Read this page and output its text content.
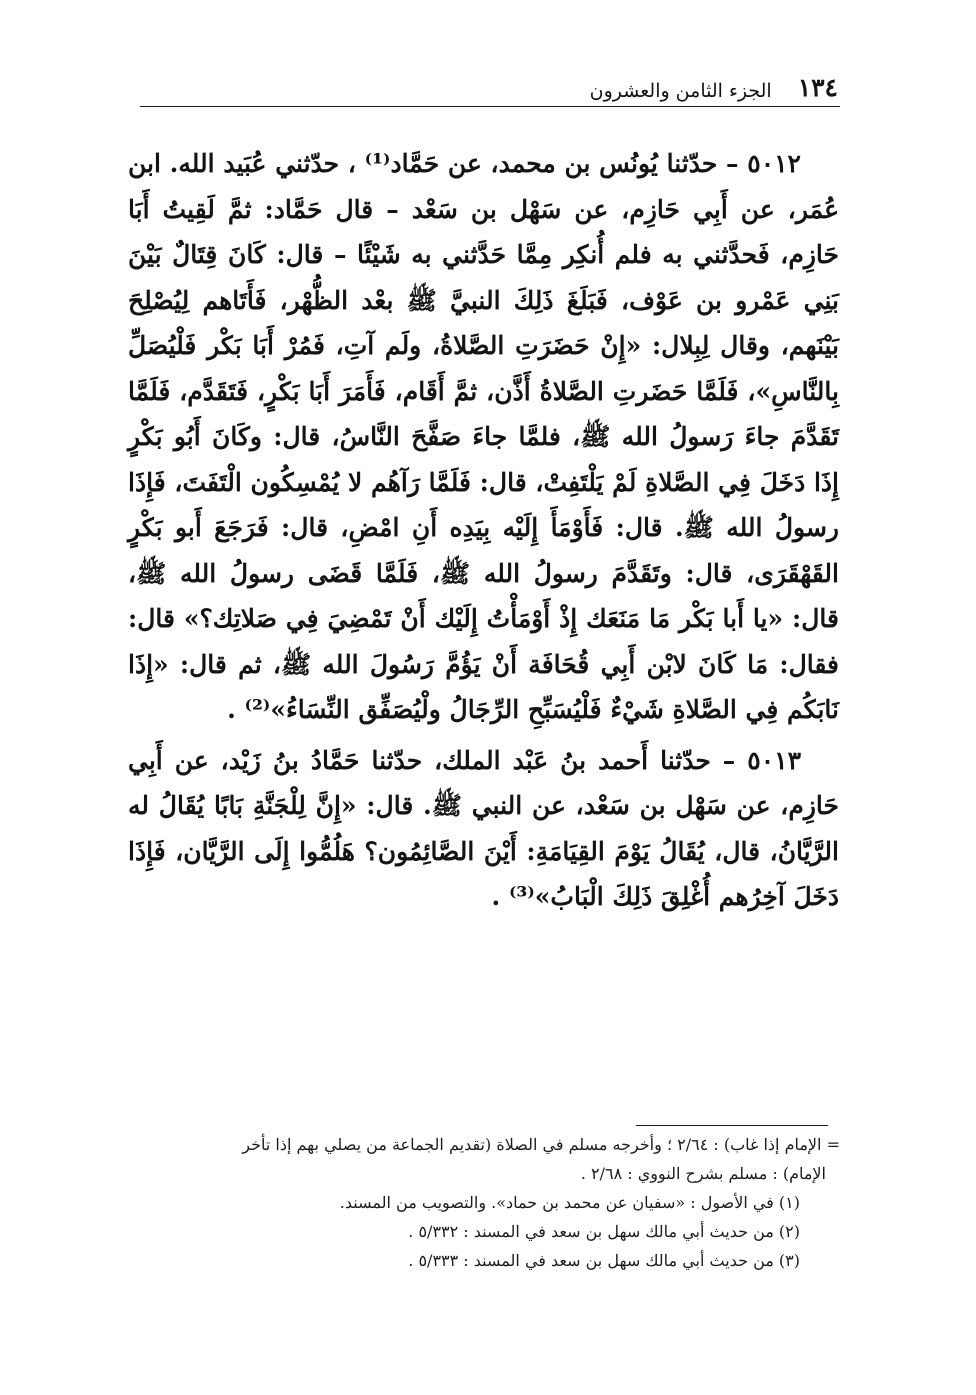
١٣٤
الجزء الثامن والعشرون

٥٠١٢ – حدّثنا يُونُس بن محمد، عن حَمَّاد⁽¹⁾ ، حدّثني عُبَيد الله. ابن عُمَر، عن أَبِي حَازِم، عن سَهْل بن سَعْد – قال حَمَّاد: ثمَّ لَقِيتُ أَبَا حَازِم، فَحدَّثني به فلم أُنكِر مِمَّا حَدَّثني به شَيْئًا – قال: كَانَ قِتَالٌ بَيْنَ بَنِي عَمْرو بن عَوْف، فَبَلَغَ ذَلِكَ النبيَّ ﷺ بعْد الظُّهْر، فَأَتَاهم لِيُصْلِحَ بَيْنَهم، وقال لِبِلال: «إِنْ حَضَرَتِ الصَّلاةُ، ولَم آتِ، فَمُرْ أَبَا بَكْر فَلْيُصَلِّ بِالنَّاسِ»، فَلَمَّا حَضَرتِ الصَّلاةُ أَذَّن، ثمَّ أَقَام، فَأَمَرَ أَبَا بَكْرٍ، فَتَقَدَّم، فَلَمَّا تَقَدَّمَ جاءَ رَسولُ الله ﷺ، فلمَّا جاءَ صَفَّحَ النَّاسُ، قال: وكَانَ أَبُو بَكْرٍ إِذَا دَخَلَ فِي الصَّلاةِ لَمْ يَلْتَفِتْ، قال: فَلَمَّا رَآهُم لا يُمْسِكُون الْتَفَتَ، فَإِذَا رسولُ الله ﷺ. قال: فَأَوْمَأَ إِلَيْه بِيَدِه أَنِ امْضِ، قال: فَرَجَعَ أَبو بَكْرٍ القَهْقَرَى، قال: وتَقَدَّمَ رسولُ الله ﷺ، فَلَمَّا قَضَى رسولُ الله ﷺ، قال: «يا أَبا بَكْر مَا مَنَعَك إِذْ أَوْمَأْتُ إِلَيْك أَنْ تَمْضِيَ فِي صَلاتِك؟» قال: فقال: مَا كَانَ لابْن أَبِي قُحَافَة أَنْ يَؤُمَّ رَسُولَ الله ﷺ، ثم قال: «إِذَا نَابَكُم فِي الصَّلاةِ شَيْءٌ فَلْيُسَبِّحِ الرِّجَالُ ولْيُصَفِّق النِّسَاءُ»⁽²⁾ .

٥٠١٣ – حدّثنا أَحمد بنُ عَبْد الملك، حدّثنا حَمَّادُ بنُ زَيْد، عن أَبِي حَازِم، عن سَهْل بن سَعْد، عن النبي ﷺ. قال: «إِنَّ لِلْجَنَّةِ بَابًا يُقَالُ له الرَّيَّانُ، قال، يُقَالُ يَوْمَ القِيَامَةِ: أَيْنَ الصَّائِمُون؟ هَلُمُّوا إِلَى الرَّيَّان، فَإِذَا دَخَلَ آخِرُهم أُغْلِقَ ذَلِكَ الْبَابُ»⁽³⁾ .

= الإمام إذا غاب) : ٢/٦٤ ؛ وأخرجه مسلم في الصلاة (تقديم الجماعة من يصلي بهم إذا تأخر

الإمام) : مسلم بشرح النووي : ٢/٦٨ .

(١) في الأصول : «سفيان عن محمد بن حماد». والتصويب من المسند.

(٢) من حديث أبي مالك سهل بن سعد في المسند : ٥/٣٣٢ .

(٣) من حديث أبي مالك سهل بن سعد في المسند : ٥/٣٣٣ .
